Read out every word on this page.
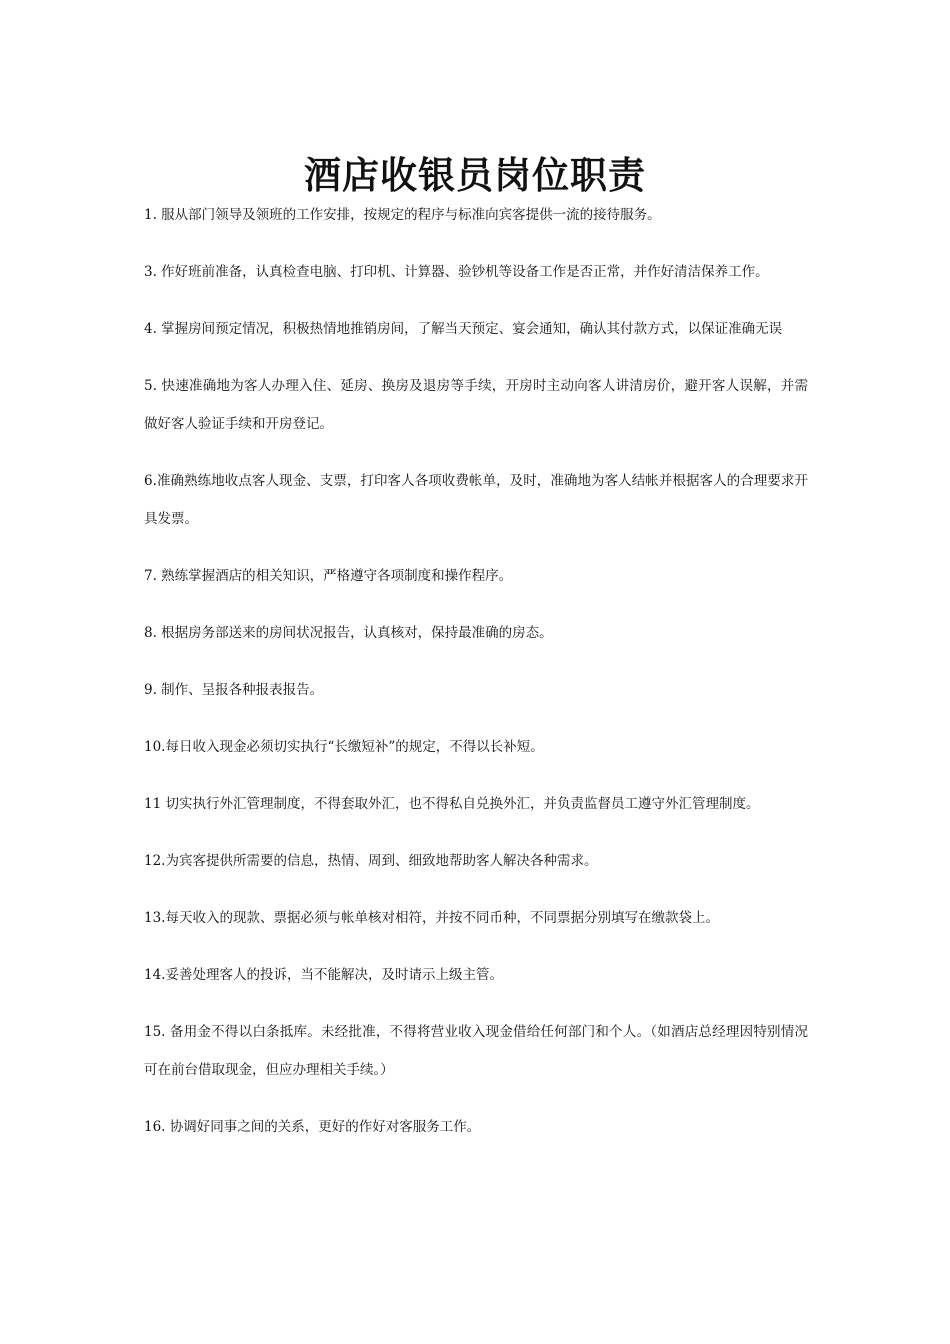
酒店收银员岗位职责

1. 服从部门领导及领班的工作安排，按规定的程序与标准向宾客提供一流的接待服务。

3. 作好班前准备，认真检查电脑、打印机、计算器、验钞机等设备工作是否正常，并作好清洁保养工作。

4. 掌握房间预定情况，积极热情地推销房间，了解当天预定、宴会通知，确认其付款方式，以保证准确无误

5. 快速准确地为客人办理入住、延房、换房及退房等手续，开房时主动向客人讲清房价，避开客人误解，并需做好客人验证手续和开房登记。

6.准确熟练地收点客人现金、支票，打印客人各项收费帐单，及时，准确地为客人结帐并根据客人的合理要求开具发票。

7. 熟练掌握酒店的相关知识，严格遵守各项制度和操作程序。

8. 根据房务部送来的房间状况报告，认真核对，保持最准确的房态。

9. 制作、呈报各种报表报告。

10.每日收入现金必须切实执行“长缴短补”的规定，不得以长补短。

11 切实执行外汇管理制度，不得套取外汇，也不得私自兑换外汇，并负责监督员工遵守外汇管理制度。

12.为宾客提供所需要的信息，热情、周到、细致地帮助客人解决各种需求。

13.每天收入的现款、票据必须与帐单核对相符，并按不同币种，不同票据分别填写在缴款袋上。

14.妥善处理客人的投诉，当不能解决，及时请示上级主管。

15. 备用金不得以白条抵库。未经批准，不得将营业收入现金借给任何部门和个人。（如酒店总经理因特别情况可在前台借取现金，但应办理相关手续。）

16. 协调好同事之间的关系，更好的作好对客服务工作。
